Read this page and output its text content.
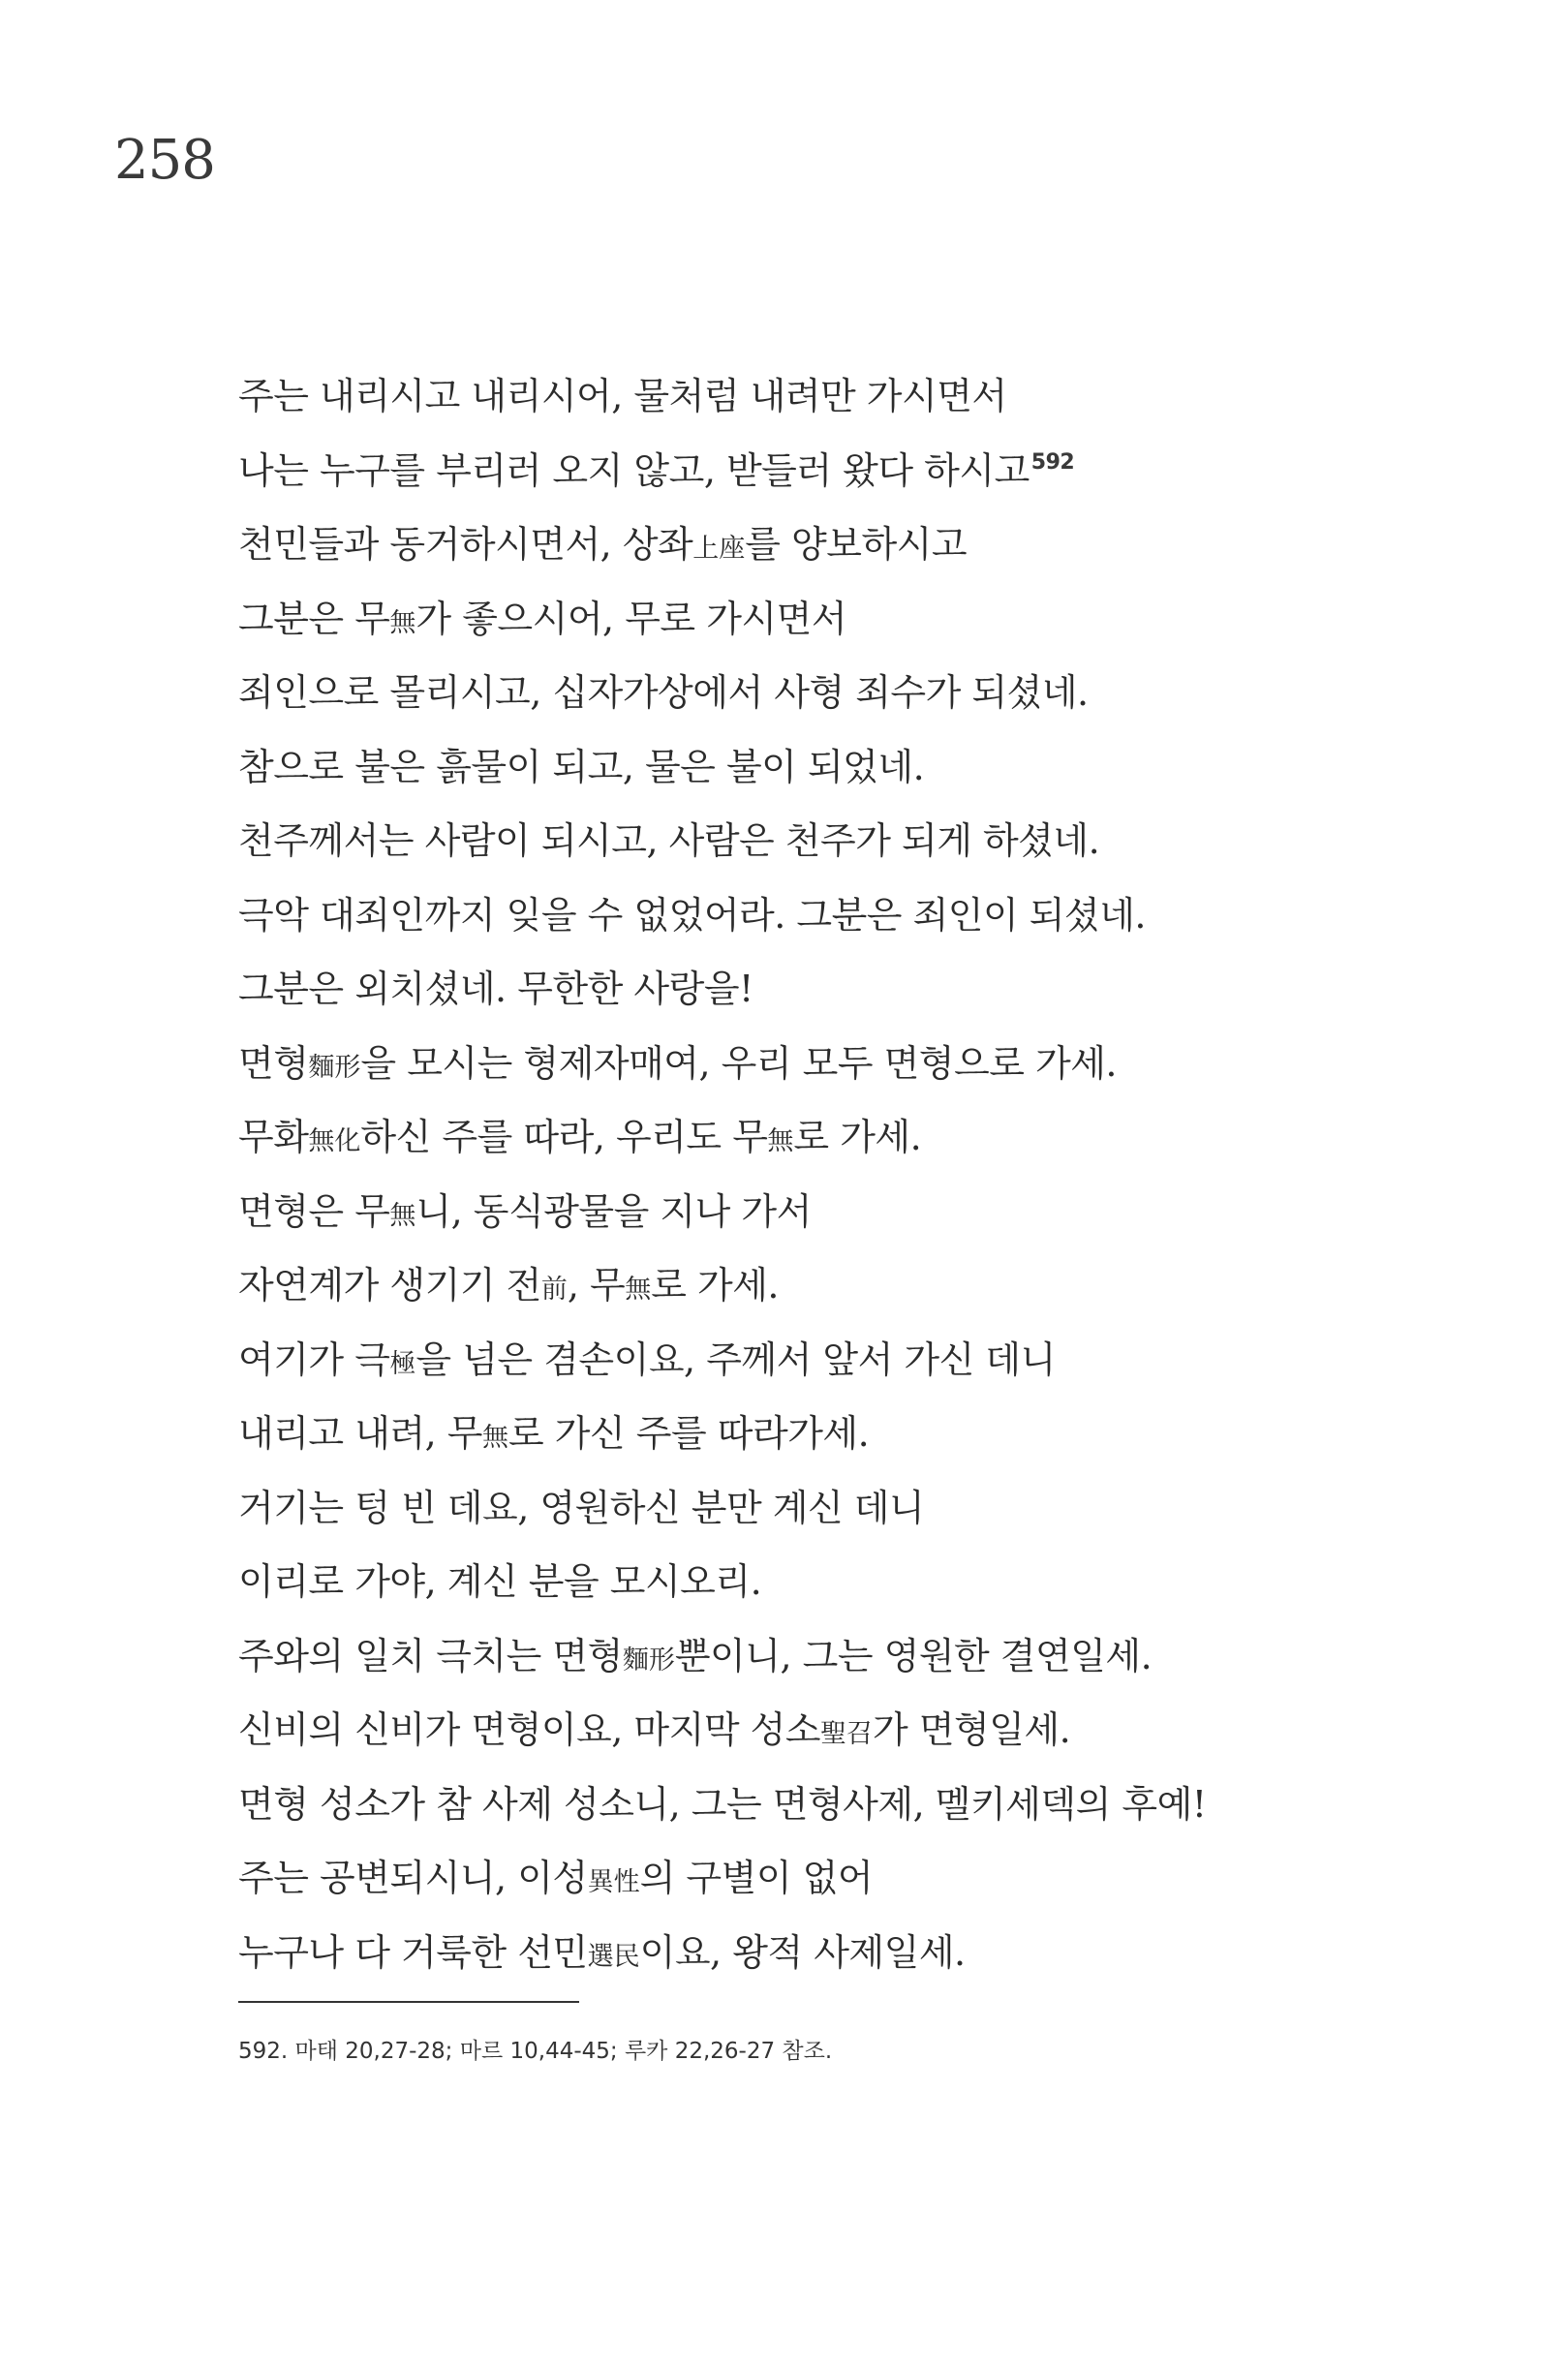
258
주는 내리시고 내리시어, 물처럼 내려만 가시면서
나는 누구를 부리러 오지 않고, 받들러 왔다 하시고$^{592}$
천민들과 동거하시면서, 상좌上座를 양보하시고
그분은 무無가 좋으시어, 무로 가시면서
죄인으로 몰리시고, 십자가상에서 사형 죄수가 되셨네.
참으로 불은 흙물이 되고, 물은 불이 되었네.
천주께서는 사람이 되시고, 사람은 천주가 되게 하셨네.
극악 대죄인까지 잊을 수 없었어라. 그분은 죄인이 되셨네.
그분은 외치셨네. 무한한 사랑을!
면형麵形을 모시는 형제자매여, 우리 모두 면형으로 가세.
무화無化하신 주를 따라, 우리도 무無로 가세.
면형은 무無니, 동식광물을 지나 가서
자연계가 생기기 전前, 무無로 가세.
여기가 극極을 넘은 겸손이요, 주께서 앞서 가신 데니
내리고 내려, 무無로 가신 주를 따라가세.
거기는 텅 빈 데요, 영원하신 분만 계신 데니
이리로 가야, 계신 분을 모시오리.
주와의 일치 극치는 면형麵形뿐이니, 그는 영원한 결연일세.
신비의 신비가 면형이요, 마지막 성소聖召가 면형일세.
면형 성소가 참 사제 성소니, 그는 면형사제, 멜키세덱의 후예!
주는 공변되시니, 이성異性의 구별이 없어
누구나 다 거룩한 선민選民이요, 왕적 사제일세.
592. 마태 20,27-28; 마르 10,44-45; 루카 22,26-27 참조.
